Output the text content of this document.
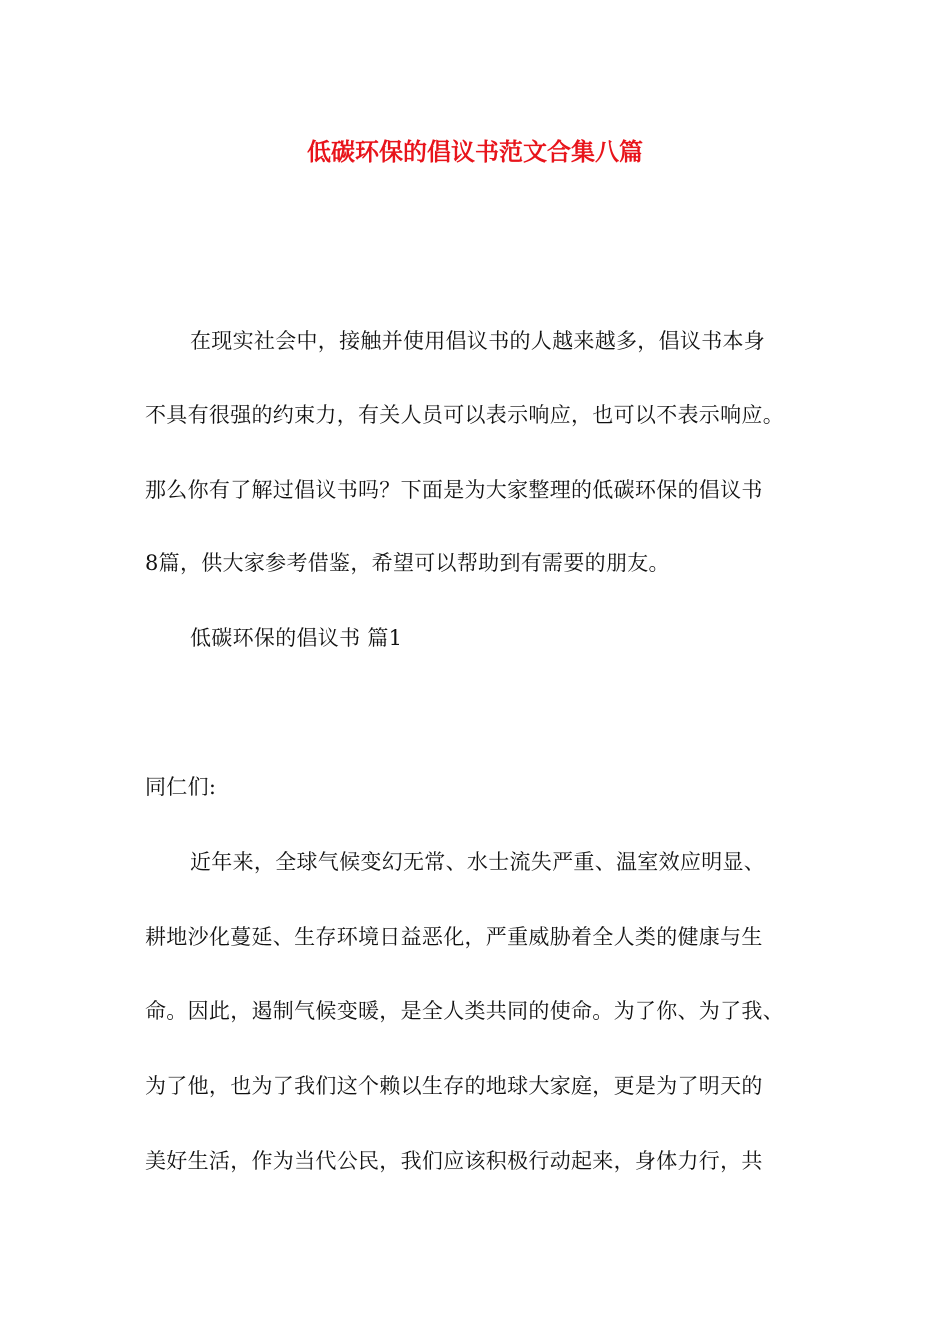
低碳环保的倡议书范文合集八篇
在现实社会中，接触并使用倡议书的人越来越多，倡议书本身
不具有很强的约束力，有关人员可以表示响应，也可以不表示响应。
那么你有了解过倡议书吗？下面是为大家整理的低碳环保的倡议书
8篇，供大家参考借鉴，希望可以帮助到有需要的朋友。
低碳环保的倡议书 篇1
同仁们:
近年来，全球气候变幻无常、水士流失严重、温室效应明显、
耕地沙化蔓延、生存环境日益恶化，严重威胁着全人类的健康与生
命。因此，遏制气候变暖，是全人类共同的使命。为了你、为了我、
为了他，也为了我们这个赖以生存的地球大家庭，更是为了明天的
美好生活，作为当代公民，我们应该积极行动起来，身体力行，共
